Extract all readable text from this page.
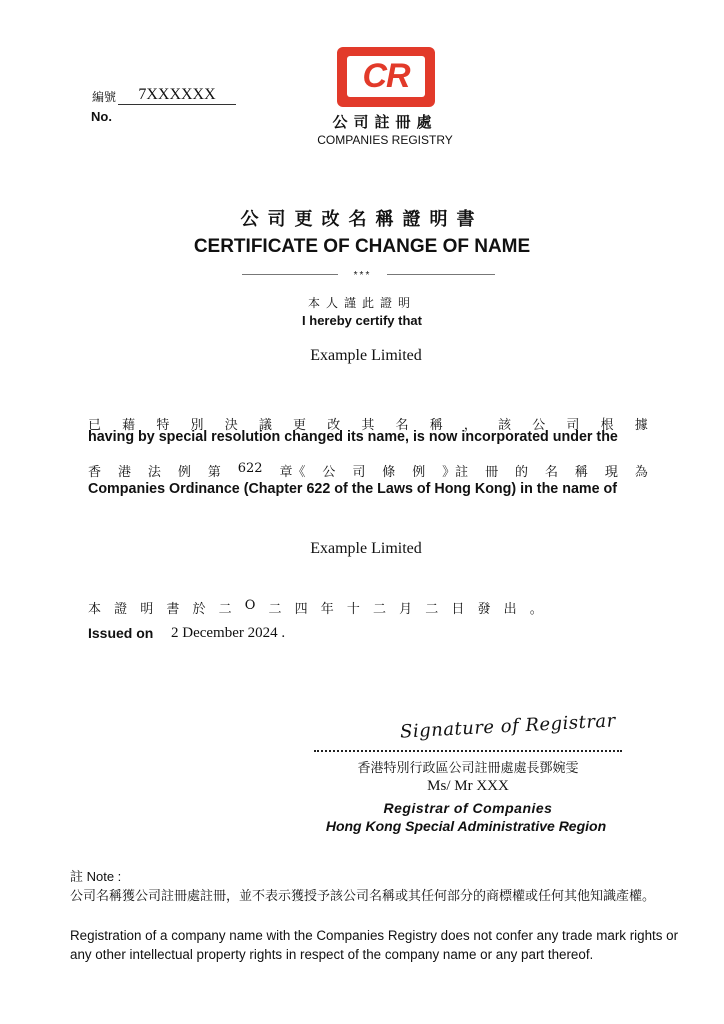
編號	7XXXXXX
No.
CR
公司註冊處
COMPANIES REGISTRY
公司更改名稱證明書
CERTIFICATE OF CHANGE OF NAME
***
本人謹此證明
I hereby certify that
Example Limited
已 藉 特 別 決 議 更 改 其 名 稱 ， 該 公 司 根 據
having by special resolution changed its name, is now incorporated under the
香 港 法 例 第 622 章《 公 司 條 例 》註 冊 的 名 稱 現 為
Companies Ordinance (Chapter 622 of the Laws of Hong Kong) in the name of
Example Limited
本 證 明 書 於 二 O 二 四 年 十 二 月 二 日 發 出 。
Issued on 2 December 2024 .
Signature of Registrar
香港特別行政區公司註冊處處長鄧婉雯
Ms/ Mr XXX
Registrar of Companies
Hong Kong Special Administrative Region
註 Note :
公司名稱獲公司註冊處註冊，並不表示獲授予該公司名稱或其任何部分的商標權或任何其他知識產權。
Registration of a company name with the Companies Registry does not confer any trade mark rights or any other intellectual property rights in respect of the company name or any part thereof.
